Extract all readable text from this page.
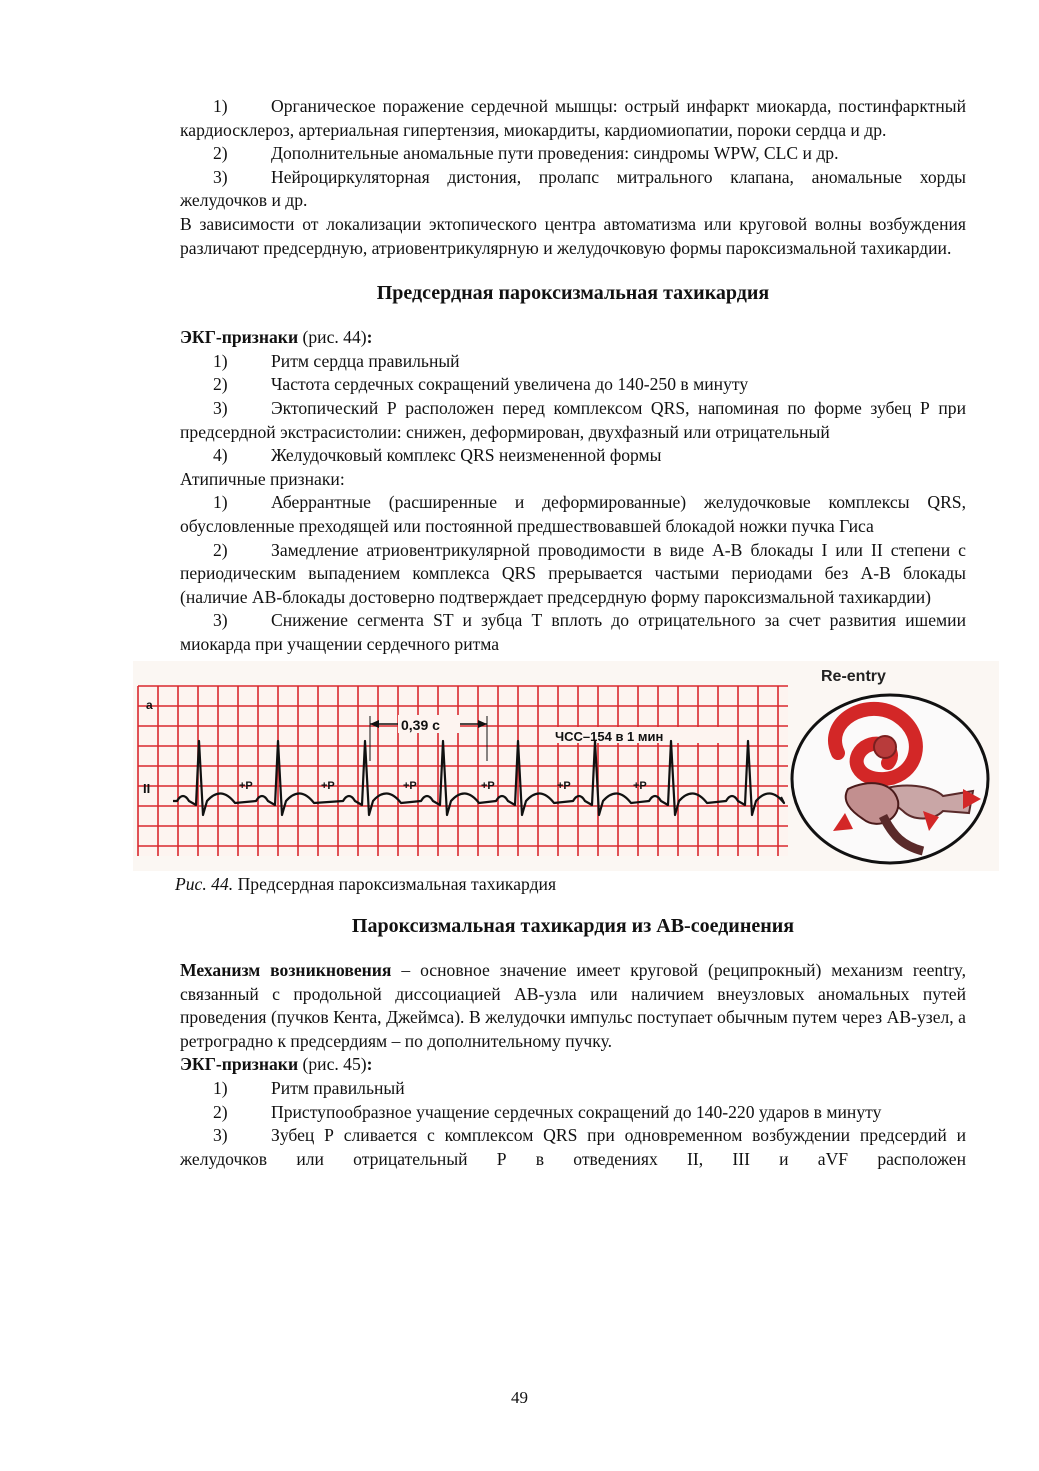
1) Органическое поражение сердечной мышцы: острый инфаркт миокарда, постинфарктный кардиосклероз, артериальная гипертензия, миокардиты, кардиомиопатии, пороки сердца и др.

2) Дополнительные аномальные пути проведения: синдромы WPW, CLC и др.

3) Нейроциркуляторная дистония, пролапс митрального клапана, аномальные хорды желудочков и др.

В зависимости от локализации эктопического центра автоматизма или круговой волны возбуждения различают предсердную, атриовентрикулярную и желудочковую формы пароксизмальной тахикардии.

Предсердная пароксизмальная тахикардия

ЭКГ-признаки (рис. 44):

1) Ритм сердца правильный

2) Частота сердечных сокращений увеличена до 140-250 в минуту

3) Эктопический Р расположен перед комплексом QRS, напоминая по форме зубец Р при предсердной экстрасистолии: снижен, деформирован, двухфазный или отрицательный

4) Желудочковый комплекс QRS неизмененной формы

Атипичные признаки:

1) Аберрантные (расширенные и деформированные) желудочковые комплексы QRS, обусловленные преходящей или постоянной предшествовавшей блокадой ножки пучка Гиса

2) Замедление атриовентрикулярной проводимости в виде А-В блокады I или II степени с периодическим выпадением комплекса QRS прерывается частыми периодами без А-В блокады (наличие АВ-блокады достоверно подтверждает предсердную форму пароксизмальной тахикардии)

3) Снижение сегмента ST и зубца Т вплоть до отрицательного за счет развития ишемии миокарда при учащении сердечного ритма

a
II
0,39 с
ЧСС–154 в 1 мин
+P	+P	+P	+P	+P	+P
Re-entry

Рис. 44. Предсердная пароксизмальная тахикардия

Пароксизмальная тахикардия из АВ-соединения

Механизм возникновения – основное значение имеет круговой (реципрокный) механизм reentry, связанный с продольной диссоциацией АВ-узла или наличием внеузловых аномальных путей проведения (пучков Кента, Джеймса). В желудочки импульс поступает обычным путем через АВ-узел, а ретроградно к предсердиям – по дополнительному пучку.

ЭКГ-признаки (рис. 45):

1) Ритм правильный

2) Приступообразное учащение сердечных сокращений до 140-220 ударов в минуту

3) Зубец Р сливается с комплексом QRS при одновременном возбуждении предсердий и желудочков или отрицательный Р в отведениях II, III и aVF расположен

49
